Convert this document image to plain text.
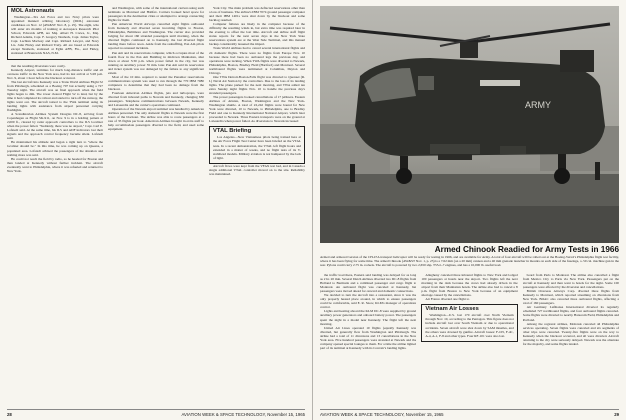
MOL Astronauts

Washington—Six Air Force and two Navy pilots were appointed manned orbiting laboratory (MOL) astronaut candidates on Nov. 12 (AW&ST Nov. 8, p. 25). The eight, who will enter six months of training at Aerospace Research Pilot School, Edwards AFB, are Maj. Albert H. Crews, Jr., Maj. Richard Adams, Capt. F. Gregory Neubeck, Capt. James Taylor, Capt. Lachlan Macleay and Capt. Richard Lawyer, and Navy Lts. John Finley and Richard Truly. All are based at Edwards except Neubeck, stationed at Eglin AFB, Fla., and Finley, stationed at Brunswick NAS, N.M.

that the resulting diversions were costly.

Kennedy Airport, terminus for much long-distance traffic and all overseas traffic in the New York area, had its last arrival at 5:28 p.m. Nov. 9, about 1 hour before the blackout occurred.

The last aircraft into Kennedy was a Trans World Airlines Flight 52 from Pittsburgh, scheduled as a Boeing 707 but actually using a 727 Tuesday night. The aircraft was on final approach when the field lights began to dim. The tower cleared Flight 52 to land, but by the time it had completed its rollout and started to turn off the runway, the lights went out. The aircraft taxied to the TWA terminal using its landing lights with assistance from airport personnel carrying flashlights.

A Scandinavian Airlines System Douglas DC-8, arriving from Copenhagen as Flight SK-911, on Nov. 9 is in a holding pattern at 2,000 ft., cleared by radar approach controllers to the ILS localizer when the power failed. "Suddenly, there was no airport," Capt. Carl E. Lofstedt said. At the same time, his ILS and ADF indicators lost their signals and the approach control frequency became silent. Lofstedt said.

He maintained his altitude and began a right turn to "where the localizer should be." In this time, he was coming up on Queens, a populated area. Lofstedt advised the passengers of the situation and nothing more was said.

He could not reach the field by radio, so he headed for Boston and then landed at Kennedy without further incident. The aircraft eventually went to Philadelphia, where it was refueled and returned to New York.

and Washington, with some of the international carriers using such terminals as Montreal and Halifax. Carriers booked hotel space for passengers in the destination cities or attempted to arrange connecting flights for them.

Pan American World Airways cancelled eight flights outbound from Kennedy and diverted seven incoming flights to Boston, Philadelphia, Baltimore and Washington. The carrier also provided lodging for about 160 stranded passengers until morning, when the diverted flights continued on to Kennedy, the last diverted flight landing there before noon. Aside from the reshuffling, Pan Am pilots reported no unusual incidents.

Pan Am and its reservations computer, which occupies most of the fourth floor in the Pan Am Building in midtown Manhattan, shut down at about 5:30 p.m. when power failed in the city, but was running on auxiliary power 35 min. later. Pan Am said its reservation and ticket system was not damaged by the failure to any significant extent.

Most of the 10 min. required to restart the Panamac reservations communications system was used to run through the 770 IBM 7080 computers to determine that they had been no damage from the blackout.

Fourteen American Airlines flights, jets and turboprops, were diverted from inbound paths to Newark and Kennedy, changing 630 passengers. Telephone communications between Newark, Kennedy and LaGuardia and the carrier's operations continued.

Operation of the Newark airport terminal was handled by American Airlines personnel. The only domestic flights to Newark were the first hours of the blackout. The airline was able to route passengers at a rate of 35 flights per hour. American Airlines brought in extra staff to help accommodate passengers diverted to the field, and used some equipment.

York City. The main problem was deflected reservations other than a loss of business. The airline's IBM 7074 ground passenger computer and their IBM 1401s were shut down by the blackout and some backlog resulted.

Computer failures are likely in the computer because of the difficulty the resulting winds in, but extra time was required later in the evening to offset the lost time. Aircraft and airline staff flight status reports for the next seven days in the New York State reservations system are at the West Side Terminal, and this manual backup considerably lessened the impact.

Trans World Airlines had to cancel several international flights and 24 domestic flights. There were no flights from Europe Nov. 10 because there had been no outbound legs the previous day, and operations were lacking. When TWA flights were diverted to Newark, Philadelphia, Boston, Bradley Field (Hartford) and Montreal. Several northbound flights were terminated at Columbus, Dayton and Chicago.

One TWA Detroit-Boston-Falls flight was diverted to Quonset (R. I.) Naval Air Station by the controllers. Due to the loss of its landing lights. The plane parked for the next morning, and TWA added ten extra Sunday night flights Nov. 10 to handle the previous day's stranded passengers.

The power passengers booked cancellations of 17 jetliners. Eastern Airlines of Atlanta, Boston, Washington and the New York-Washington shuttle. A total of 22,242 flights were bound for New York were diverted, 10 to Newark, to Philadelphia, one to Bradley Field and one to Kennedy International National Airport, which later proceeded to Newark. Three Eastern transports were on the ground at LaGuardia when power failed. As diversions to Newark increased

VTAL Briefing

Los Angeles—New Vietnamese pilots being trained here at the Air Force Flight Test Center have been briefed on the VTAL tests. In a recent demonstration, the VTAL left flight hours and extended in a matter of weeks, and no flight tests of its V-stabilized models. Military aviation is not hampered by the lack of light.

Aircraft flows were kept from the VFAX test bed, and in Canada a single additional VTAL controller moved on to the site. Reliability was maintained.

28	AVIATION WEEK & SPACE TECHNOLOGY, November 15, 1965
ARMY
Armed Chinook Readied for Army Tests in 1966

Armed and armored version of the CH-47A transport helicopter will be ready for testing in 1966, and are available for Army. A total of four aircraft will be rolled out at the Boeing-Vertol's Philadelphia flight test facility, where it has been flying for some time. The armed Chinook (AW&ST Nov. 1, p. 23) is a 7.62 mm (on a 20 mm) cannon and a 40 mm grenade launcher in mounts on each side of the fuselage, a .50 cal. machine gun in the rear. Pylons could carry 2.75 in. rockets. The aircraft is powered by two 2,650 shp. T55-L-7 engines, and has a 10,000 lb. useful load.

the traffic load there, Eastern said landing was delayed for as long as 2 hr. 20 min. Several Dutch Airlines diverted two DC-8 flights from Holland to Bermuda and a combined passenger and cargo flight to Montreal. An outbound flight was canceled at Kennedy, but passengers were moved ahead for onward and domestic connections.

We decided to turn the aircraft into a restaurant, since it was the only properly heated place around, in which to ensure passengers could be comfortable, said E. R. Snow, KLM's manager of operations control.

Lights and heating aboard the KLM DC-8 were supplied by ground auxiliary power generators and onboard battery power. The passengers spent the night in a model near Kennedy. The flight left the next morning.

United Air Lines operated 10 flights (equally Kennedy was diverted, but generally flew from Washington and Pittsburgh. The airline had a total of 11 diversions and 13 cancellations in the New York area. Five hundred passengers were stranded at Newark and the company opened special lounges to them. For a time the airline lighted part of its terminal at Kennedy with its Convair's landing lights.

Allegheny canceled three inbound flights to New York and lodged 100 passengers at hotels near the airport. Two flights left the next morning in the dark because the crews had already driven in the airport from their Manhattan hotels. The airline also had to cancel a 8 p.m. flight from Boston to New York because of an equipment shortage caused by the cancellations.

Air France diverted one flight to

Vietnam Air Losses

Washington—U.S. lost 170 aircraft over North Vietnam through Nov. 10, according to the Pentagon. This figure does not include aircraft lost over South Vietnam or due to operational accidents. Seven aircraft were shot down by SAM missiles, and the others were downed by gunfire. Aircraft losses: F-105, F-4C, A-4, A-1, F-8 and other types. Four RF-101 were also lost.

board from Paris to Montreal. The airline also cancelled a flight from Mexico City to Paris via New York. Passengers put on the aircraft at Kennedy and then went to hotels for the night. Some 100 passengers were affected by the diversion and cancellations.

British Overseas Airways Corp. diverted three flights from Kennedy to Montreal, which reported streaming on diversions from New York. BOAC also canceled three outbound flights, affecting a total of 160 passengers.

Air Germany Lufthansa International diverted its regularly scheduled 727 northbound flights, and four outbound flights canceled. Some flights were diverted to nearby Hanscom Field, Philadelphia and Portland.

Among the regional airlines, Mohawk canceled all Philadelphia services operating. Seven flights were canceled and six segments of other trips were canceled. Twenty-five flights were on the way to Kennedy when the blackout occurred, and all were diverted. Aircraft returning to the city were seriously delayed. Newark was the alternate for the majority, and some flights landed.

AVIATION WEEK & SPACE TECHNOLOGY, November 15, 1965	29
